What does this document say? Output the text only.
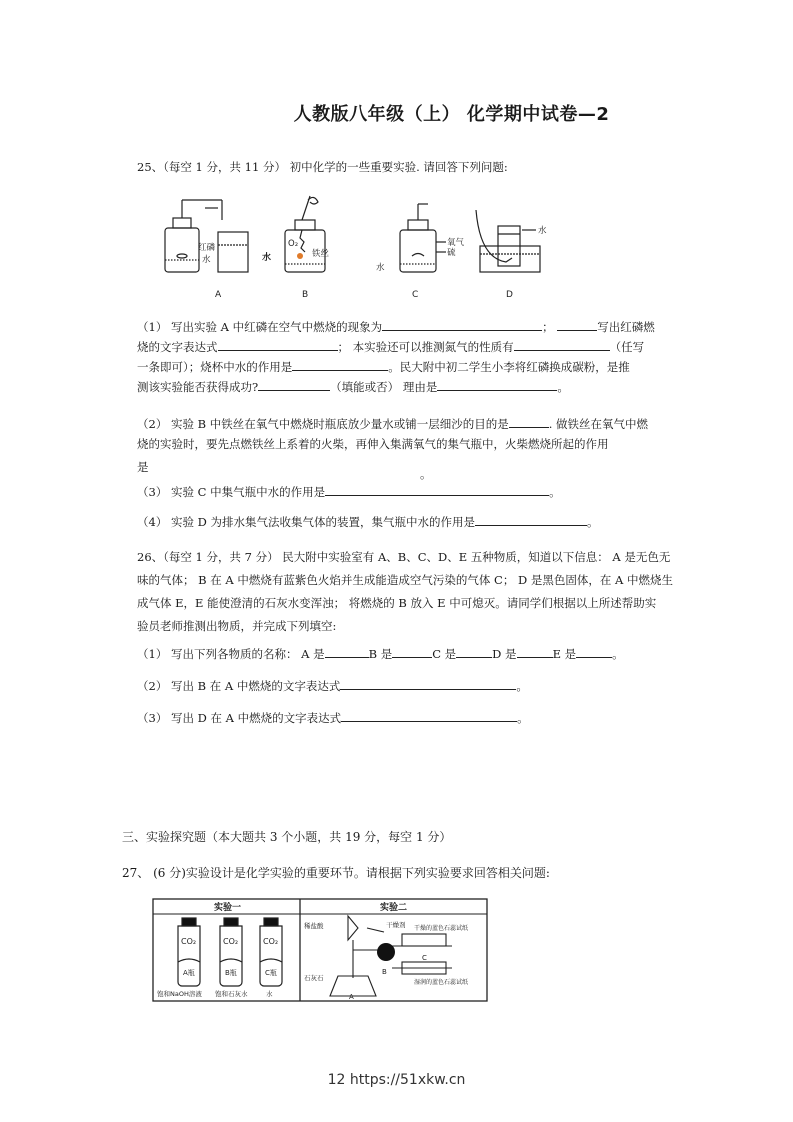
人教版八年级（上） 化学期中试卷—2
25、（每空 1 分，共 11 分） 初中化学的一些重要实验. 请回答下列问题:
红磷
水
A
O₂
铁丝
水
B
氧气
硫
水
C
水
D
（1） 写出实验 A 中红磷在空气中燃烧的现象为	；	写出红磷燃
烧的文字表达式	； 本实验还可以推测氮气的性质有	（任写
一条即可）；烧杯中水的作用是	。民大附中初二学生小李将红磷换成碳粉，是推
测该实验能否获得成功?	（填能或否） 理由是	。
（2） 实验 B 中铁丝在氧气中燃烧时瓶底放少量水或铺一层细沙的目的是	. 做铁丝在氧气中燃
烧的实验时，要先点燃铁丝上系着的火柴，再伸入集满氧气的集气瓶中，火柴燃烧所起的作用
是	。
（3） 实验 C 中集气瓶中水的作用是	。
（4） 实验 D 为排水集气法收集气体的装置，集气瓶中水的作用是	。
26、（每空 1 分，共 7 分） 民大附中实验室有 A、B、C、D、E 五种物质，知道以下信息： A 是无色无
味的气体； B 在 A 中燃烧有蓝紫色火焰并生成能造成空气污染的气体 C； D 是黑色固体，在 A 中燃烧生
成气体 E，E 能使澄清的石灰水变浑浊； 将燃烧的 B 放入 E 中可熄灭。请同学们根据以上所述帮助实
验员老师推测出物质，并完成下列填空:
（1） 写出下列各物质的名称： A 是	B 是	C 是	D 是	E 是	。
（2） 写出 B 在 A 中燃烧的文字表达式	。
（3） 写出 D 在 A 中燃烧的文字表达式	。
三、实验探究题（本大题共 3 个小题，共 19 分，每空 1 分）
27、 (6 分)实验设计是化学实验的重要环节。请根据下列实验要求回答相关问题:
实验一	实验二
CO₂
A瓶
CO₂
B瓶
CO₂
C瓶
饱和NaOH溶液 饱和石灰水	水
稀盐酸	干燥剂 干燥的蓝色石蕊试纸
湿润的蓝色石蕊试纸
石灰石
A
B
C
12 https://51xkw.cn
